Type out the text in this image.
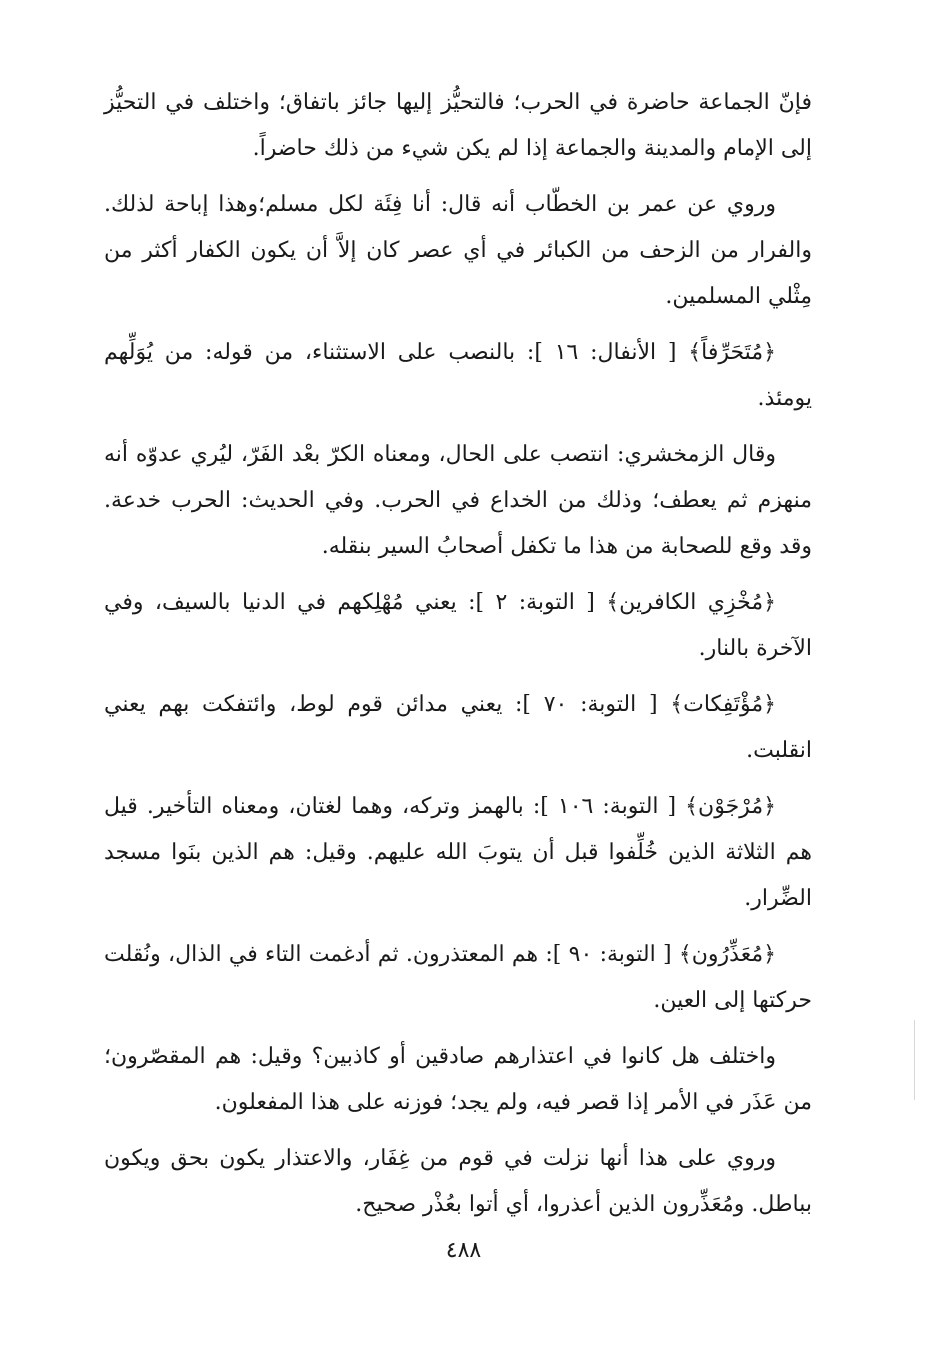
فإنّ الجماعة حاضرة في الحرب؛ فالتحيُّز إليها جائز باتفاق؛ واختلف في التحيُّز إلى الإمام والمدينة والجماعة إذا لم يكن شيء من ذلك حاضراً.

وروي عن عمر بن الخطّاب أنه قال: أنا فِئَة لكل مسلم؛وهذا إباحة لذلك. والفرار من الزحف من الكبائر في أي عصر كان إلاَّ أن يكون الكفار أكثر من مِثْلي المسلمين.

﴿مُتَحَرِّفاً﴾ [ الأنفال: ١٦ ]: بالنصب على الاستثناء، من قوله: من يُوَلِّهم يومئذ.

وقال الزمخشري: انتصب على الحال، ومعناه الكرّ بعْد الفَرّ، ليُري عدوّه أنه منهزم ثم يعطف؛ وذلك من الخداع في الحرب. وفي الحديث: الحرب خدعة. وقد وقع للصحابة من هذا ما تكفل أصحابُ السير بنقله.

﴿مُخْزِي الكافرين﴾ [ التوبة: ٢ ]: يعني مُهْلِكهم في الدنيا بالسيف، وفي الآخرة بالنار.

﴿مُؤْتَفِكات﴾ [ التوبة: ٧٠ ]: يعني مدائن قوم لوط، وائتفكت بهم يعني انقلبت.

﴿مُرْجَوْن﴾ [ التوبة: ١٠٦ ]: بالهمز وتركه، وهما لغتان، ومعناه التأخير. قيل هم الثلاثة الذين خُلِّفوا قبل أن يتوبَ الله عليهم. وقيل: هم الذين بنَوا مسجد الضِّرار.

﴿مُعَذِّرُون﴾ [ التوبة: ٩٠ ]: هم المعتذرون. ثم أدغمت التاء في الذال، ونُقلت حركتها إلى العين.

واختلف هل كانوا في اعتذارهم صادقين أو كاذبين؟ وقيل: هم المقصّرون؛ من عَذَر في الأمر إذا قصر فيه، ولم يجد؛ فوزنه على هذا المفعلون.

وروي على هذا أنها نزلت في قوم من غِفَار، والاعتذار يكون بحق ويكون بباطل. ومُعَذِّرون الذين أعذروا، أي أتوا بعُذْر صحيح.

٤٨٨
